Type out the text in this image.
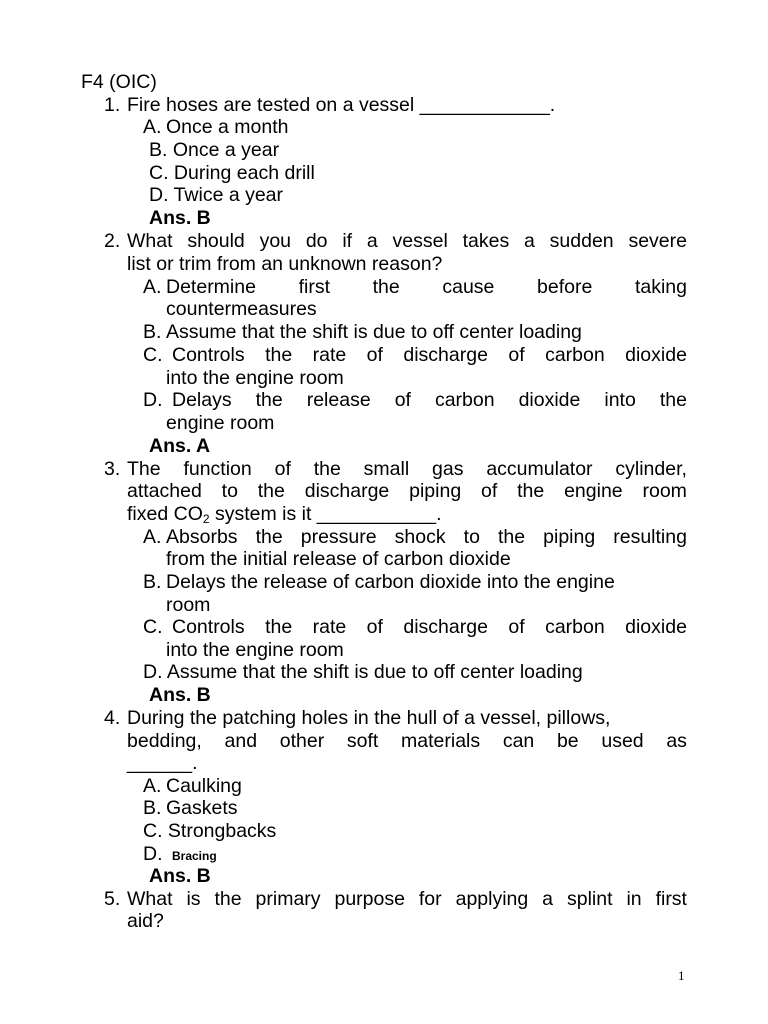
F4 (OIC)
1. Fire hoses are tested on a vessel ____________.
A. Once a month
B. Once a year
C. During each drill
D. Twice a year
Ans. B
2. What should you do if a vessel takes a sudden severe
list or trim from an unknown reason?
A. Determine first the cause before taking
countermeasures
B. Assume that the shift is due to off center loading
C. Controls the rate of discharge of carbon dioxide
into the engine room
D. Delays the release of carbon dioxide into the
engine room
Ans. A
3. The function of the small gas accumulator cylinder,
attached to the discharge piping of the engine room
fixed $CO_2$ system is it ___________.
A. Absorbs the pressure shock to the piping resulting
from the initial release of carbon dioxide
B. Delays the release of carbon dioxide into the engine
room
C. Controls the rate of discharge of carbon dioxide
into the engine room
D. Assume that the shift is due to off center loading
Ans. B
4. During the patching holes in the hull of a vessel, pillows,
bedding, and other soft materials can be used as
______.
A. Caulking
B. Gaskets
C. Strongbacks
D. Bracing
Ans. B
5. What is the primary purpose for applying a splint in first
aid?
1
